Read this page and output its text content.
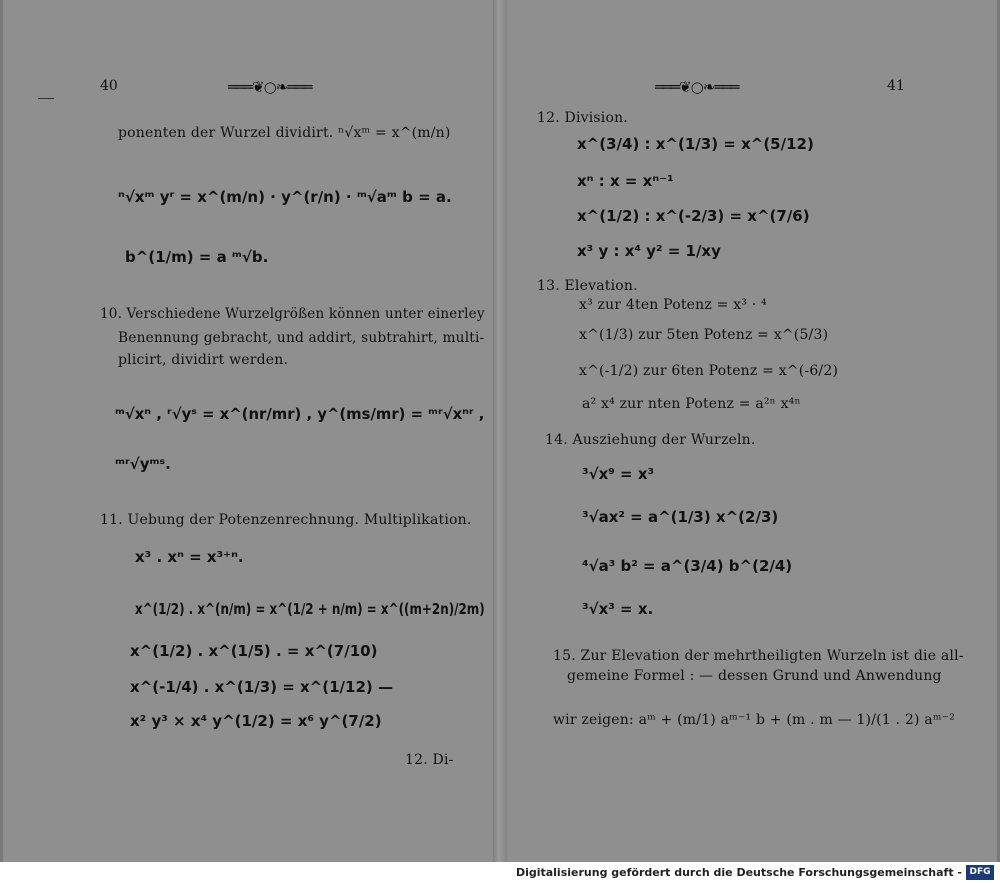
40	═══❦○❧═══
ponenten der Wurzel dividirt. ⁿ√xᵐ = x^(m/n)
ⁿ√xᵐ yʳ = x^(m/n) · y^(r/n) · ᵐ√aᵐ b = a.
b^(1/m) = a ᵐ√b.
10. Verschiedene Wurzelgrößen können unter einerley
Benennung gebracht, und addirt, subtrahirt, multi-
plicirt, dividirt werden.
ᵐ√xⁿ , ʳ√yˢ = x^(nr/mr) , y^(ms/mr) = ᵐʳ√xⁿʳ ,
ᵐʳ√yᵐˢ.
11. Uebung der Potenzenrechnung. Multiplikation.
x³ . xⁿ = x³⁺ⁿ.
x^(1/2) . x^(n/m) = x^(1/2 + n/m) = x^((m+2n)/2m)
x^(1/2) . x^(1/5) . = x^(7/10)
x^(-1/4) . x^(1/3) = x^(1/12) —
x² y³ × x⁴ y^(1/2) = x⁶ y^(7/2)
12. Di-
═══❦○❧═══	41
12. Division.
x^(3/4) : x^(1/3) = x^(5/12)
xⁿ : x = xⁿ⁻¹
x^(1/2) : x^(-2/3) = x^(7/6)
x³ y : x⁴ y² = 1/xy
13. Elevation.
x³ zur 4ten Potenz = x³ · ⁴
x^(1/3) zur 5ten Potenz = x^(5/3)
x^(-1/2) zur 6ten Potenz = x^(-6/2)
a² x⁴ zur nten Potenz = a²ⁿ x⁴ⁿ
14. Ausziehung der Wurzeln.
³√x⁹ = x³
³√ax² = a^(1/3) x^(2/3)
⁴√a³ b² = a^(3/4) b^(2/4)
³√x³ = x.
15. Zur Elevation der mehrtheiligten Wurzeln ist die all-
gemeine Formel : — dessen Grund und Anwendung
wir zeigen: aᵐ + (m/1) aᵐ⁻¹ b + (m . m — 1)/(1 . 2) aᵐ⁻²
Digitalisierung gefördert durch die Deutsche Forschungsgemeinschaft - DFG
